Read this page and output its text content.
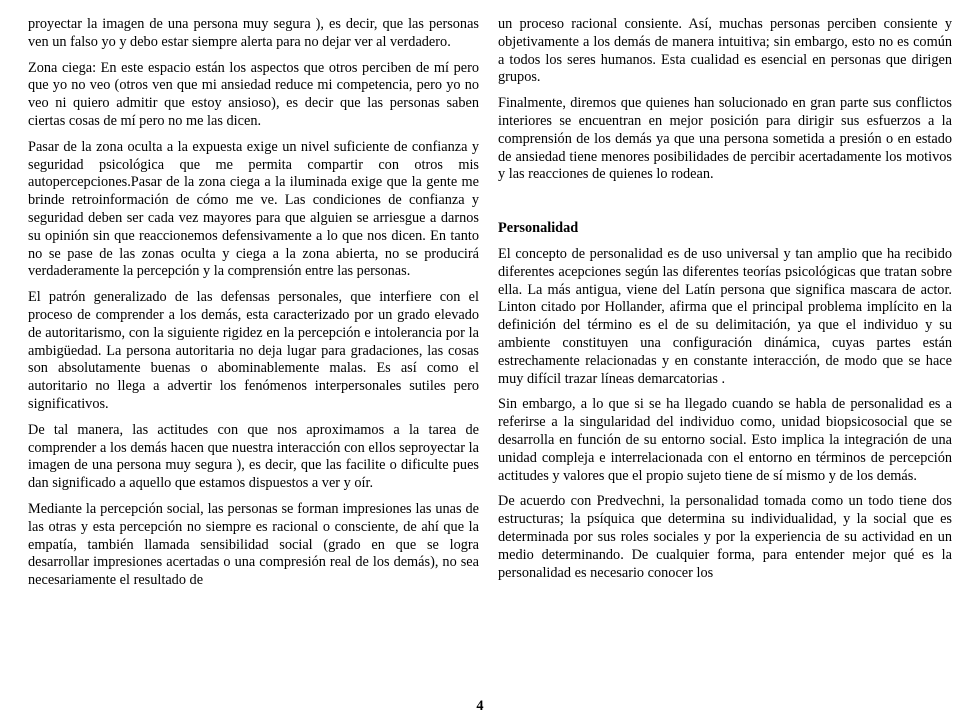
proyectar la imagen de una persona muy segura ), es decir, que las personas ven un falso yo y debo estar siempre alerta para no dejar ver al verdadero.

Zona ciega: En este espacio están los aspectos que otros perciben de mí pero que yo no veo (otros ven que mi ansiedad reduce mi competencia, pero yo no veo ni quiero admitir que estoy ansioso), es decir que las personas saben ciertas cosas de mí pero no me las dicen.

Pasar de la zona oculta a la expuesta exige un nivel suficiente de confianza y seguridad psicológica que me permita compartir con otros mis autopercepciones.Pasar de la zona ciega a la iluminada exige que la gente me brinde retroinformación de cómo me ve. Las condiciones de confianza y seguridad deben ser cada vez mayores para que alguien se arriesgue a darnos su opinión sin que reaccionemos defensivamente a lo que nos dicen. En tanto no se pase de las zonas oculta y ciega a la zona abierta, no se producirá verdaderamente la percepción y la comprensión entre las personas.

El patrón generalizado de las defensas personales, que interfiere con el proceso de comprender a los demás, esta caracterizado por un grado elevado de autoritarismo, con la siguiente rigidez en la percepción e intolerancia por la ambigüedad. La persona autoritaria no deja lugar para gradaciones, las cosas son absolutamente buenas o abominablemente malas. Es así como el autoritario no llega a advertir los fenómenos interpersonales sutiles pero significativos.

De tal manera, las actitudes con que nos aproximamos a la tarea de comprender a los demás hacen que nuestra interacción con ellos seproyectar la imagen de una persona muy segura ), es decir, que las facilite o dificulte pues dan significado a aquello que estamos dispuestos a ver y oír.

Mediante la percepción social, las personas se forman impresiones las unas de las otras y esta percepción no siempre es racional o consciente, de ahí que la empatía, también llamada sensibilidad social (grado en que se logra desarrollar impresiones acertadas o una compresión real de los demás), no sea necesariamente el resultado de

un proceso racional consiente. Así, muchas personas perciben consiente y objetivamente a los demás de manera intuitiva; sin embargo, esto no es común a todos los seres humanos. Esta cualidad es esencial en personas que dirigen grupos.

Finalmente, diremos que quienes han solucionado en gran parte sus conflictos interiores se encuentran en mejor posición para dirigir sus esfuerzos a la comprensión de los demás ya que una persona sometida a presión o en estado de ansiedad tiene menores posibilidades de percibir acertadamente los motivos y las reacciones de quienes lo rodean.

Personalidad

El concepto de personalidad es de uso universal y tan amplio que ha recibido diferentes acepciones según las diferentes teorías psicológicas que tratan sobre ella. La más antigua, viene del Latín persona que significa mascara de actor. Linton citado por Hollander, afirma que el principal problema implícito en la definición del término es el de su delimitación, ya que el individuo y su ambiente constituyen una configuración dinámica, cuyas partes están estrechamente relacionadas y en constante interacción, de modo que se hace muy difícil trazar líneas demarcatorias .

Sin embargo, a lo que si se ha llegado cuando se habla de personalidad es a referirse a la singularidad del individuo como, unidad biopsicosocial que se desarrolla en función de su entorno social. Esto implica la integración de una unidad compleja e interrelacionada con el entorno en términos de percepción actitudes y valores que el propio sujeto tiene de sí mismo y de los demás.

De acuerdo con Predvechni, la personalidad tomada como un todo tiene dos estructuras; la psíquica que determina su individualidad, y la social que es determinada por sus roles sociales y por la experiencia de su actividad en un medio determinando. De cualquier forma, para entender mejor qué es la personalidad es necesario conocer los

4
